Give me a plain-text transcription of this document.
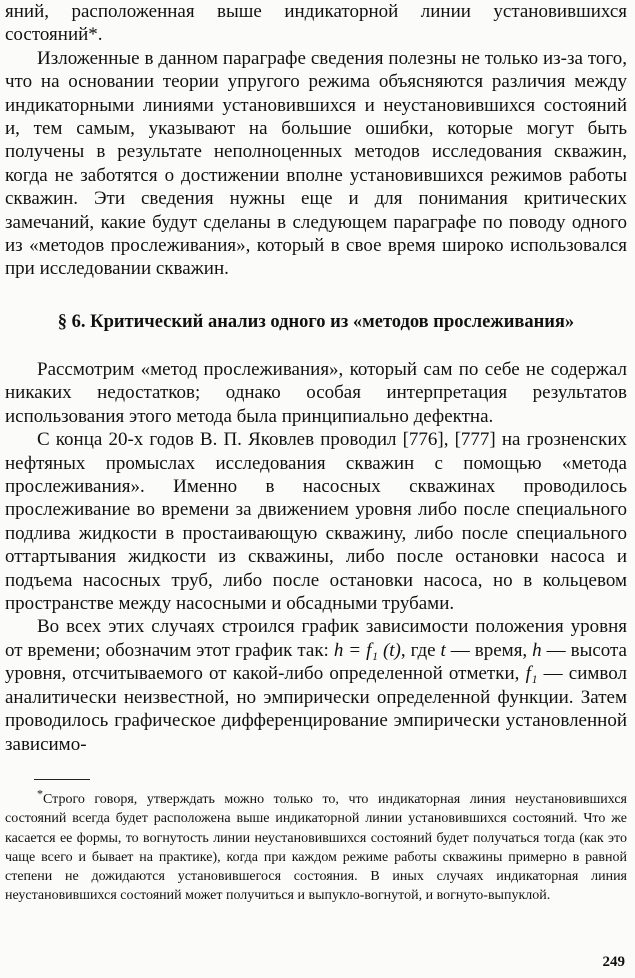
яний, расположенная выше индикаторной линии установившихся состояний*.

Изложенные в данном параграфе сведения полезны не только из-за того, что на основании теории упругого режима объясняются различия между индикаторными линиями установившихся и неустановившихся состояний и, тем самым, указывают на большие ошибки, которые могут быть получены в результате неполноценных методов исследования скважин, когда не заботятся о достижении вполне установившихся режимов работы скважин. Эти сведения нужны еще и для понимания критических замечаний, какие будут сделаны в следующем параграфе по поводу одного из «методов прослеживания», который в свое время широко использовался при исследовании скважин.

§ 6. Критический анализ одного из «методов прослеживания»

Рассмотрим «метод прослеживания», который сам по себе не содержал никаких недостатков; однако особая интерпретация результатов использования этого метода была принципиально дефектна.

С конца 20-х годов В. П. Яковлев проводил [776], [777] на грозненских нефтяных промыслах исследования скважин с помощью «метода прослеживания». Именно в насосных скважинах проводилось прослеживание во времени за движением уровня либо после специального подлива жидкости в простаивающую скважину, либо после специального оттартывания жидкости из скважины, либо после остановки насоса и подъема насосных труб, либо после остановки насоса, но в кольцевом пространстве между насосными и обсадными трубами.

Во всех этих случаях строился график зависимости положения уровня от времени; обозначим этот график так: h = f₁ (t), где t — время, h — высота уровня, отсчитываемого от какой-либо определенной отметки, f₁ — символ аналитически неизвестной, но эмпирически определенной функции. Затем проводилось графическое дифференцирование эмпирически установленной зависимо-

*Строго говоря, утверждать можно только то, что индикаторная линия неустановившихся состояний всегда будет расположена выше индикаторной линии установившихся состояний. Что же касается ее формы, то вогнутость линии неустановившихся состояний будет получаться тогда (как это чаще всего и бывает на практике), когда при каждом режиме работы скважины примерно в равной степени не дожидаются установившегося состояния. В иных случаях индикаторная линия неустановившихся состояний может получиться и выпукло-вогнутой, и вогнуто-выпуклой.

249
